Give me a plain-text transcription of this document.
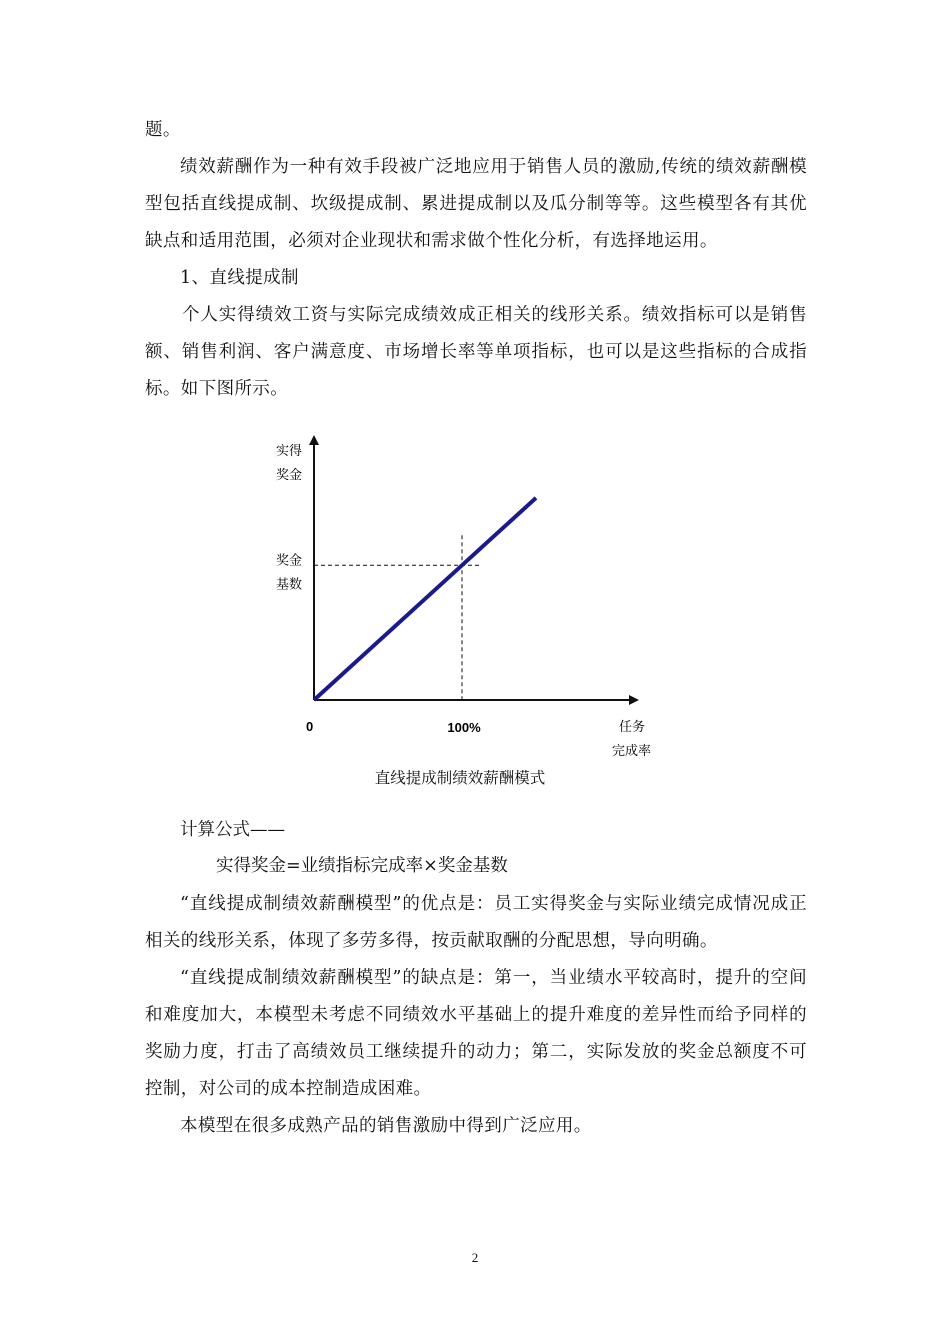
题。

绩效薪酬作为一种有效手段被广泛地应用于销售人员的激励,传统的绩效薪酬模型包括直线提成制、坎级提成制、累进提成制以及瓜分制等等。这些模型各有其优缺点和适用范围，必须对企业现状和需求做个性化分析，有选择地运用。

1、直线提成制

个人实得绩效工资与实际完成绩效成正相关的线形关系。绩效指标可以是销售额、销售利润、客户满意度、市场增长率等单项指标，也可以是这些指标的合成指标。如下图所示。

实得
奖金
奖金
基数
0	100%	任务
完成率
直线提成制绩效薪酬模式
计算公式——
实得奖金=业绩指标完成率×奖金基数

“直线提成制绩效薪酬模型”的优点是：员工实得奖金与实际业绩完成情况成正相关的线形关系，体现了多劳多得，按贡献取酬的分配思想，导向明确。

“直线提成制绩效薪酬模型”的缺点是：第一，当业绩水平较高时，提升的空间和难度加大，本模型未考虑不同绩效水平基础上的提升难度的差异性而给予同样的奖励力度，打击了高绩效员工继续提升的动力；第二，实际发放的奖金总额度不可控制，对公司的成本控制造成困难。

本模型在很多成熟产品的销售激励中得到广泛应用。

2
